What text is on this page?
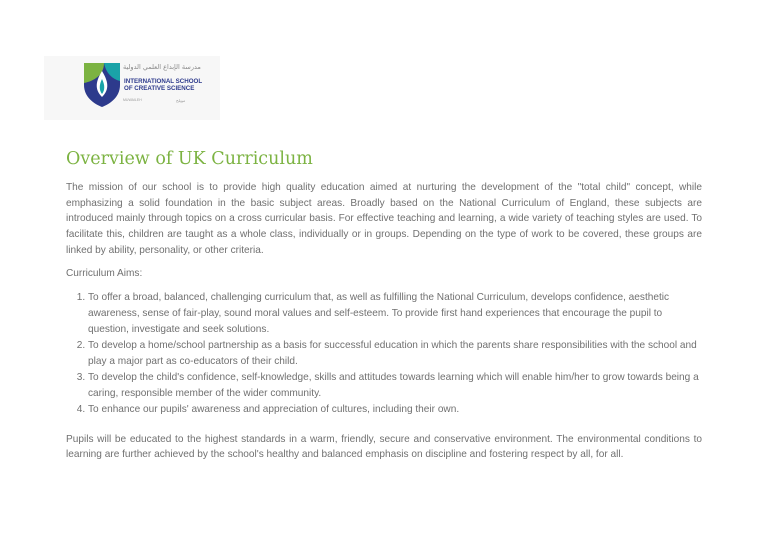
مدرسة الإبداع العلمي الدولية
INTERNATIONAL SCHOOL
OF CREATIVE SCIENCE
MUWAILEH	مويلح
Overview of UK Curriculum

The mission of our school is to provide high quality education aimed at nurturing the development of the "total child" concept, while emphasizing a solid foundation in the basic subject areas. Broadly based on the National Curriculum of England, these subjects are introduced mainly through topics on a cross curricular basis. For effective teaching and learning, a wide variety of teaching styles are used. To facilitate this, children are taught as a whole class, individually or in groups. Depending on the type of work to be covered, these groups are linked by ability, personality, or other criteria.

Curriculum Aims:

1. To offer a broad, balanced, challenging curriculum that, as well as fulfilling the National Curriculum, develops confidence, aesthetic awareness, sense of fair-play, sound moral values and self-esteem. To provide first hand experiences that encourage the pupil to question, investigate and seek solutions.
2. To develop a home/school partnership as a basis for successful education in which the parents share responsibilities with the school and play a major part as co-educators of their child.
3. To develop the child's confidence, self-knowledge, skills and attitudes towards learning which will enable him/her to grow towards being a caring, responsible member of the wider community.
4. To enhance our pupils' awareness and appreciation of cultures, including their own.

Pupils will be educated to the highest standards in a warm, friendly, secure and conservative environment. The environmental conditions to learning are further achieved by the school's healthy and balanced emphasis on discipline and fostering respect by all, for all.
